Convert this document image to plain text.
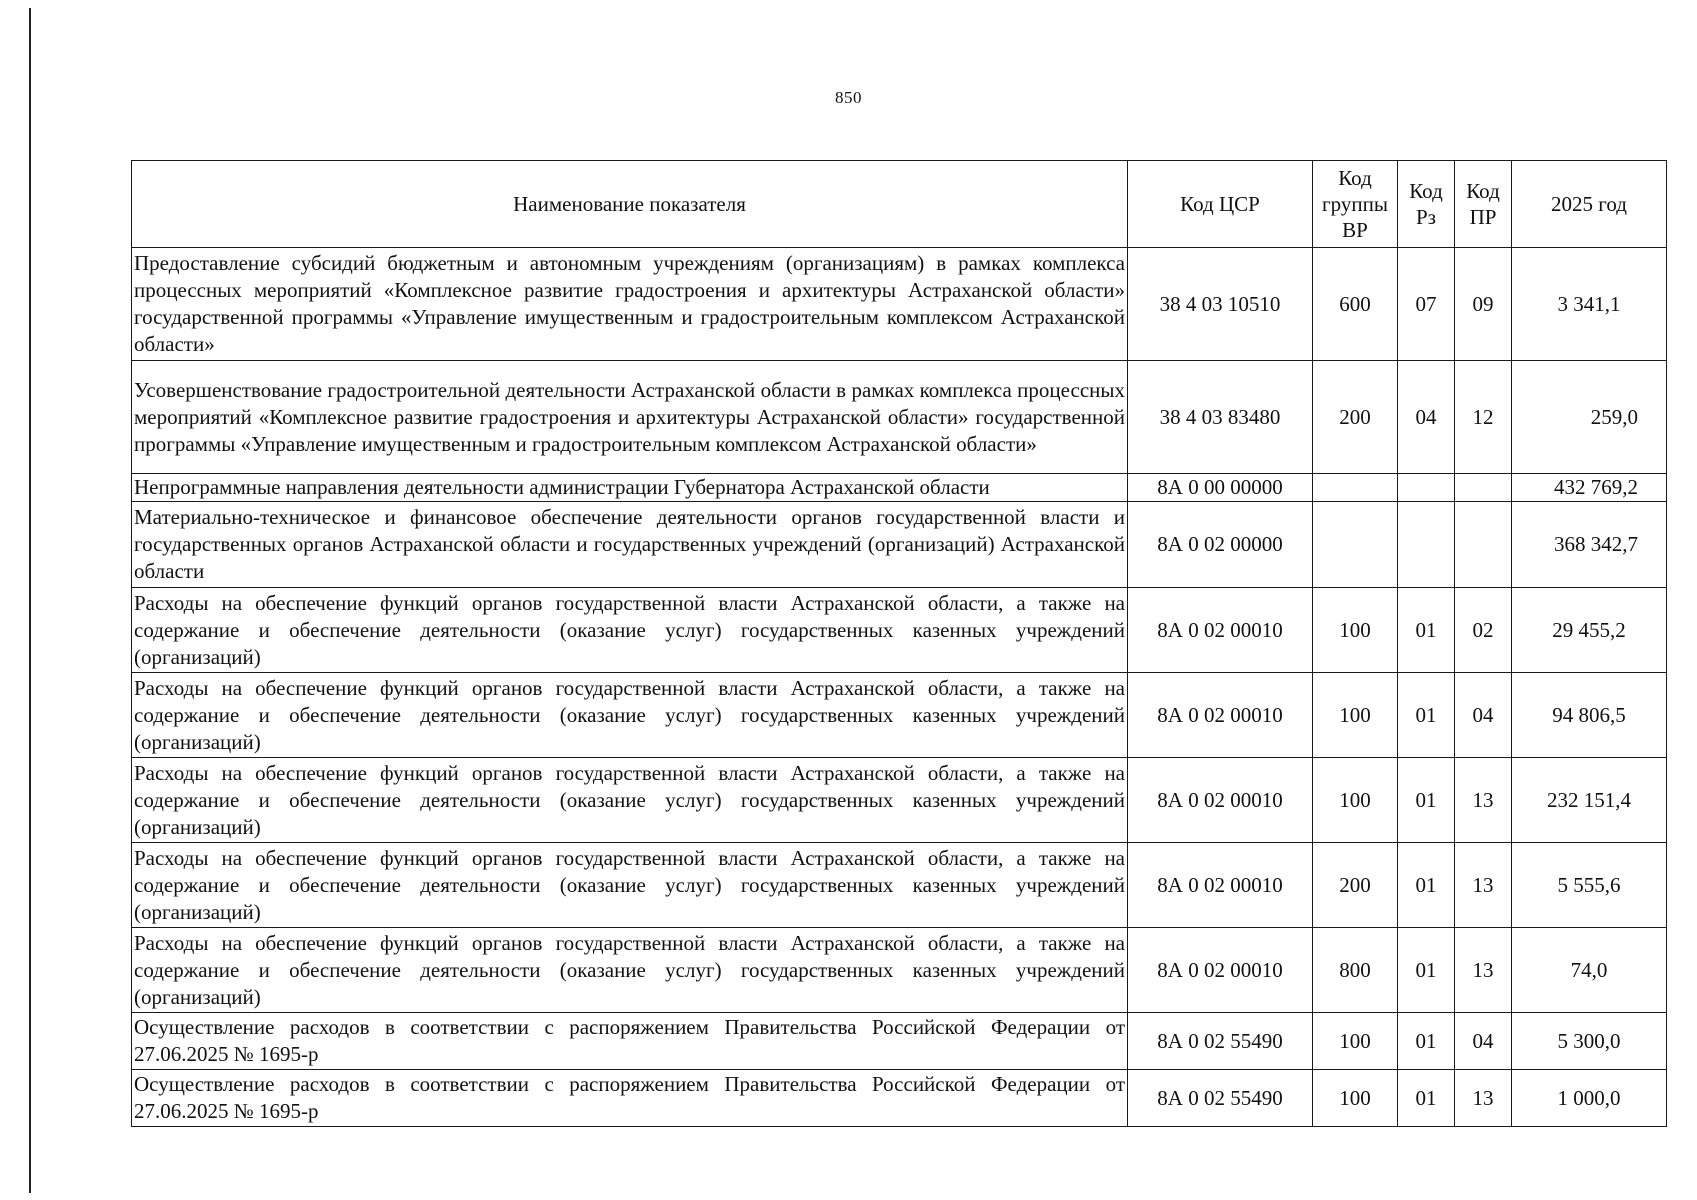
850
Наименование показателя	Код ЦСР	Код группы ВР	Код Рз	Код ПР	2025 год
Предоставление субсидий бюджетным и автономным учреждениям (организациям) в рамках комплекса процессных мероприятий «Комплексное развитие градостроения и архитектуры Астраханской области» государственной программы «Управление имущественным и градостроительным комплексом Астраханской области»	38 4 03 10510	600	07	09	3 341,1
Усовершенствование градостроительной деятельности Астраханской области в рамках комплекса процессных мероприятий «Комплексное развитие градостроения и архитектуры Астраханской области» государственной программы «Управление имущественным и градостроительным комплексом Астраханской области»	38 4 03 83480	200	04	12	259,0
Непрограммные направления деятельности администрации Губернатора Астраханской области	8А 0 00 00000				432 769,2
Материально-техническое и финансовое обеспечение деятельности органов государственной власти и государственных органов Астраханской области и государственных учреждений (организаций) Астраханской области	8А 0 02 00000				368 342,7
Расходы на обеспечение функций органов государственной власти Астраханской области, а также на содержание и обеспечение деятельности (оказание услуг) государственных казенных учреждений (организаций)	8А 0 02 00010	100	01	02	29 455,2
Расходы на обеспечение функций органов государственной власти Астраханской области, а также на содержание и обеспечение деятельности (оказание услуг) государственных казенных учреждений (организаций)	8А 0 02 00010	100	01	04	94 806,5
Расходы на обеспечение функций органов государственной власти Астраханской области, а также на содержание и обеспечение деятельности (оказание услуг) государственных казенных учреждений (организаций)	8А 0 02 00010	100	01	13	232 151,4
Расходы на обеспечение функций органов государственной власти Астраханской области, а также на содержание и обеспечение деятельности (оказание услуг) государственных казенных учреждений (организаций)	8А 0 02 00010	200	01	13	5 555,6
Расходы на обеспечение функций органов государственной власти Астраханской области, а также на содержание и обеспечение деятельности (оказание услуг) государственных казенных учреждений (организаций)	8А 0 02 00010	800	01	13	74,0
Осуществление расходов в соответствии с распоряжением Правительства Российской Федерации от 27.06.2025 № 1695-р	8А 0 02 55490	100	01	04	5 300,0
Осуществление расходов в соответствии с распоряжением Правительства Российской Федерации от 27.06.2025 № 1695-р	8А 0 02 55490	100	01	13	1 000,0
